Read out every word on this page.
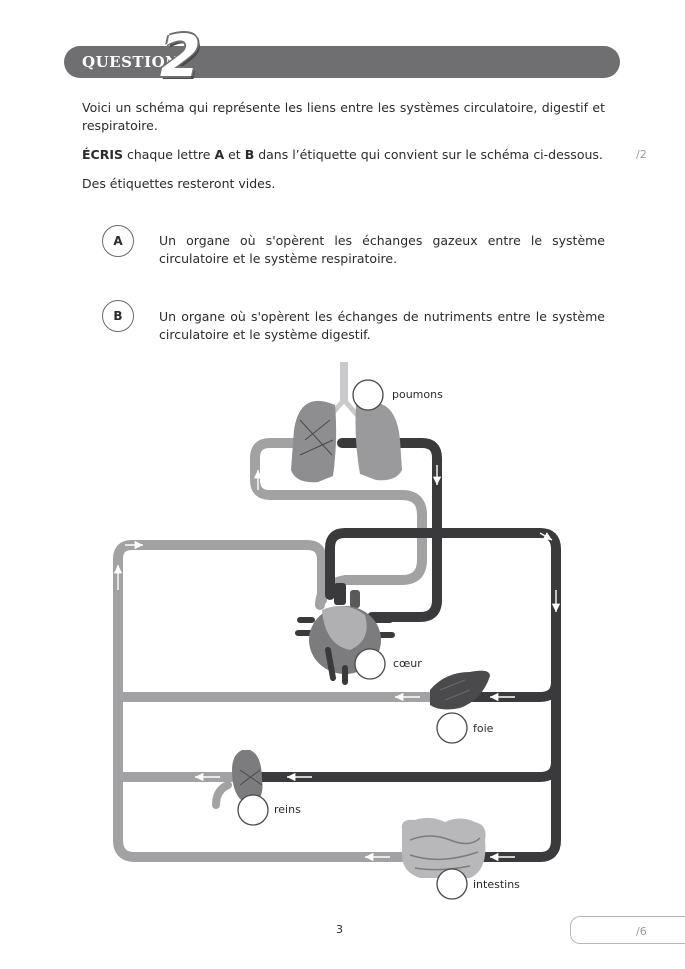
QUESTION
2
Voici un schéma qui représente les liens entre les systèmes circulatoire, digestif et respiratoire.
ÉCRIS chaque lettre A et B dans l’étiquette qui convient sur le schéma ci-dessous.	/2
Des étiquettes resteront vides.
A	Un organe où s'opèrent les échanges gazeux entre le système circulatoire et le système respiratoire.
B	Un organe où s'opèrent les échanges de nutriments entre le système circulatoire et le système digestif.
poumons
cœur
foie
reins
intestins
3	/6
